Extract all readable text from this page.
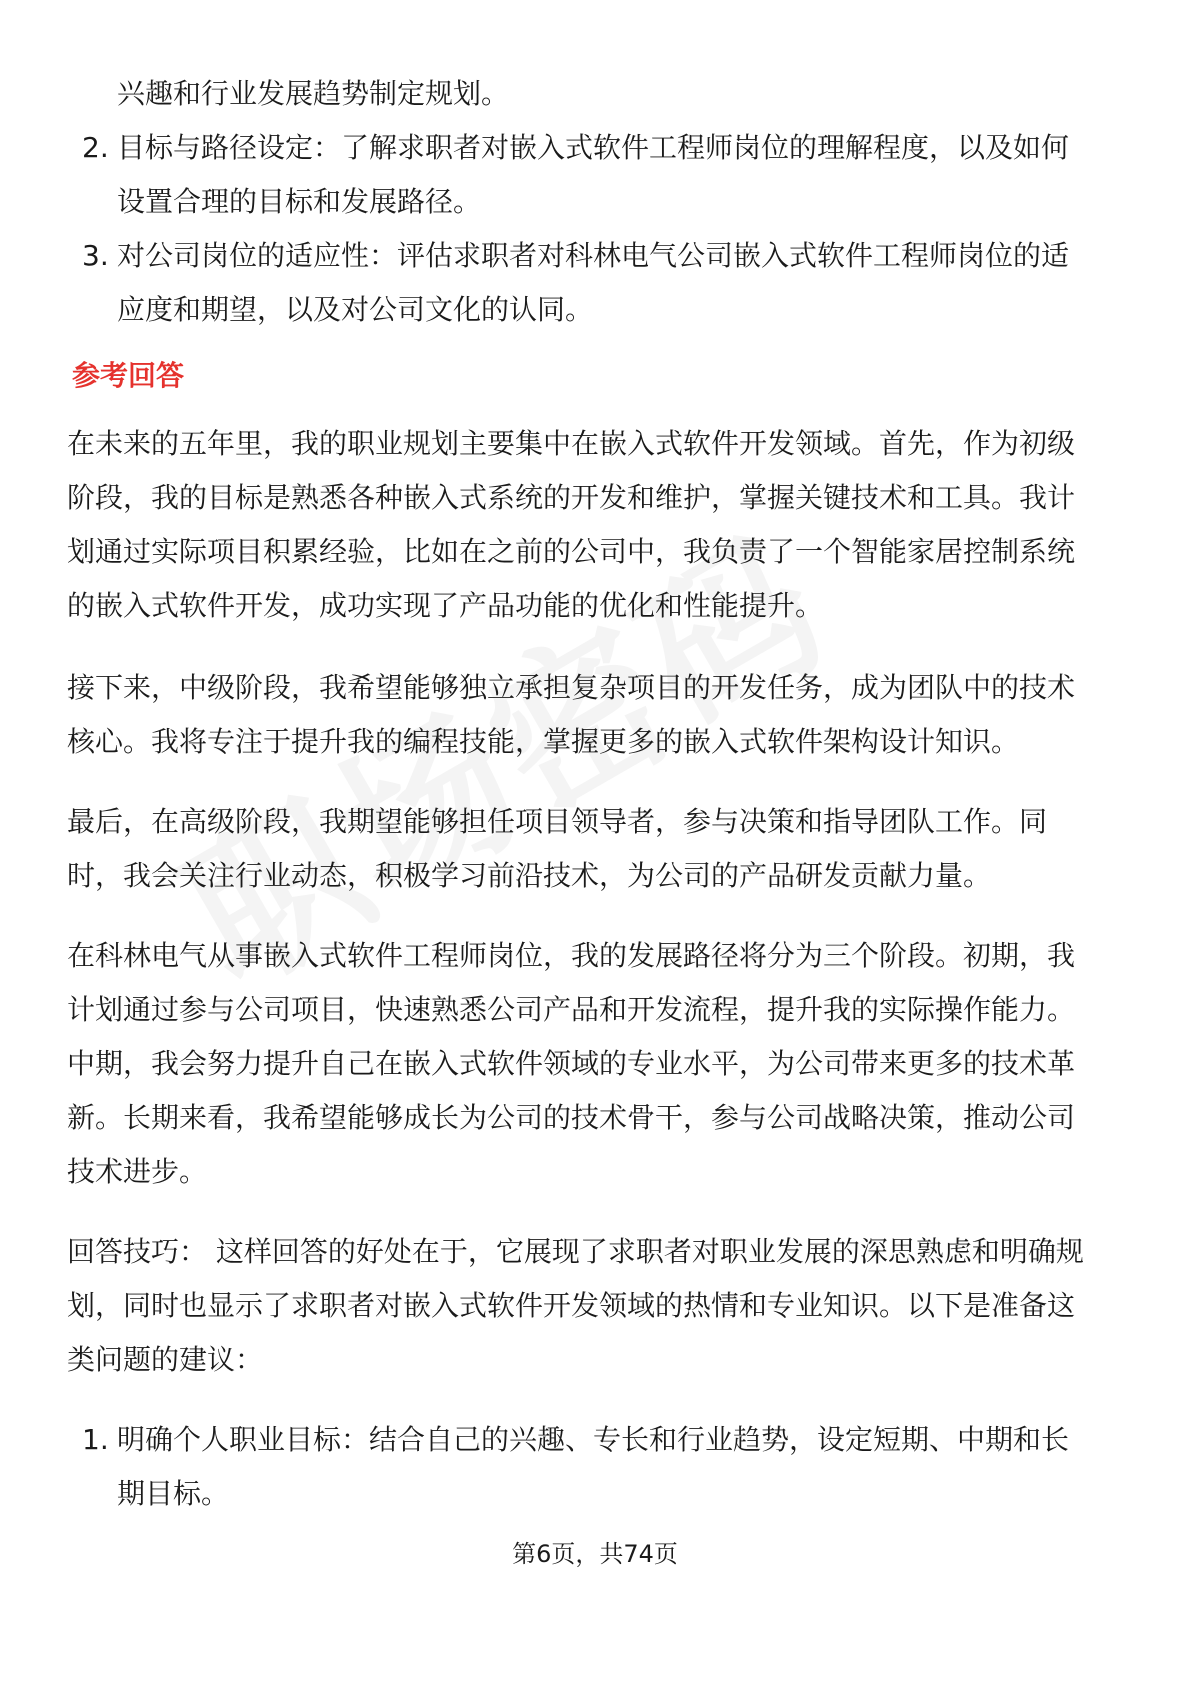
兴趣和行业发展趋势制定规划。
2. 目标与路径设定：了解求职者对嵌入式软件工程师岗位的理解程度，以及如何
设置合理的目标和发展路径。
3. 对公司岗位的适应性：评估求职者对科林电气公司嵌入式软件工程师岗位的适
应度和期望，以及对公司文化的认同。
参考回答
在未来的五年里，我的职业规划主要集中在嵌入式软件开发领域。首先，作为初级
阶段，我的目标是熟悉各种嵌入式系统的开发和维护，掌握关键技术和工具。我计
划通过实际项目积累经验，比如在之前的公司中，我负责了一个智能家居控制系统
的嵌入式软件开发，成功实现了产品功能的优化和性能提升。
接下来，中级阶段，我希望能够独立承担复杂项目的开发任务，成为团队中的技术
核心。我将专注于提升我的编程技能，掌握更多的嵌入式软件架构设计知识。
最后，在高级阶段，我期望能够担任项目领导者，参与决策和指导团队工作。同
时，我会关注行业动态，积极学习前沿技术，为公司的产品研发贡献力量。
在科林电气从事嵌入式软件工程师岗位，我的发展路径将分为三个阶段。初期，我
计划通过参与公司项目，快速熟悉公司产品和开发流程，提升我的实际操作能力。
中期，我会努力提升自己在嵌入式软件领域的专业水平，为公司带来更多的技术革
新。长期来看，我希望能够成长为公司的技术骨干，参与公司战略决策，推动公司
技术进步。
回答技巧： 这样回答的好处在于，它展现了求职者对职业发展的深思熟虑和明确规
划，同时也显示了求职者对嵌入式软件开发领域的热情和专业知识。以下是准备这
类问题的建议：
1. 明确个人职业目标：结合自己的兴趣、专长和行业趋势，设定短期、中期和长
期目标。
第6页，共74页
